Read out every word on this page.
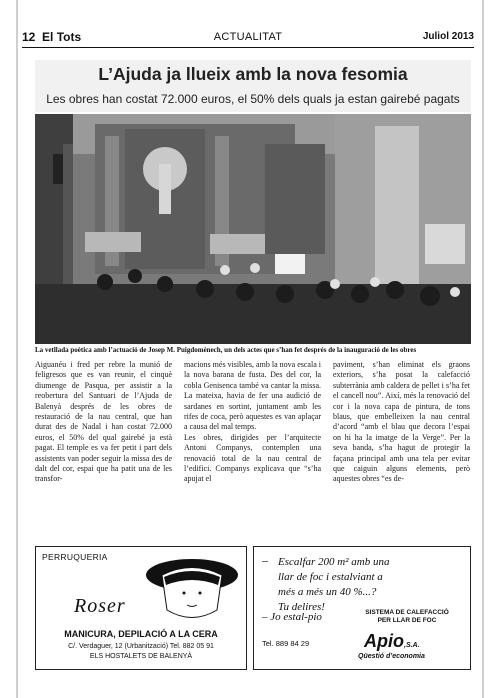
12 El Tots	ACTUALITAT	Juliol 2013
L’Ajuda ja llueix amb la nova fesomia
Les obres han costat 72.000 euros, el 50% dels quals ja estan gairebé pagats
La vetllada poètica amb l’actuació de Josep M. Puigdomènech, un dels actes que s’han fet després de la inauguració de les obres
Aiguanéu i fred per rebre la munió de feligresos que es van reunir, el cinquè diumenge de Pasqua, per assistir a la reobertura del Santuari de l’Ajuda de Balenyà després de les obres de restauració de la nau central, que han durat des de Nadal i han costat 72.000 euros, el 50% del qual gairebé ja està pagat. El temple es va fer petit i part dels assistents van poder seguir la missa des de dalt del cor, espai que ha patit una de les transfor-
macions més visibles, amb la nova escala i la nova barana de fusta. Des del cor, la cobla Genisenca també va cantar la missa. La mateixa, havia de fer una audició de sardanes en sortint, juntament amb les rifes de coca, però aquestes es van aplaçar a causa del mal temps.
Les obres, dirigides per l’arquitecte Antoni Companys, contemplen una renovació total de la nau central de l’edifici. Companys explicava que “s’ha apujat el
paviment, s’han eliminat els graons exteriors, s’ha posat la calefacció subterrània amb caldera de pellet i s’ha fet el cancell nou”. Així, més la renovació del cor i la nova capa de pintura, de tons blaus, que embelleixen la nau central d’acord “amb el blau que decora l’espai on hi ha la imatge de la Verge”. Per la seva banda, s’ha hagut de protegir la façana principal amb una tela per evitar que caiguin alguns elements, però aquestes obres “es de-
PERRUQUERIA
Roser
MANICURA, DEPILACIÓ A LA CERA
C/. Verdaguer, 12 (Urbanització) Tel. 882 05 91
ELS HOSTALETS DE BALENYÀ
– Escalfar 200 m² amb una
llar de foc i estalviant a
més a més un 40 %...?
Tu delires!
– Jo estal-pio	SISTEMA DE CALEFACCIÓ
PER LLAR DE FOC
Apio,S.A.
Qüestió d’economia
Tel. 889 84 29
